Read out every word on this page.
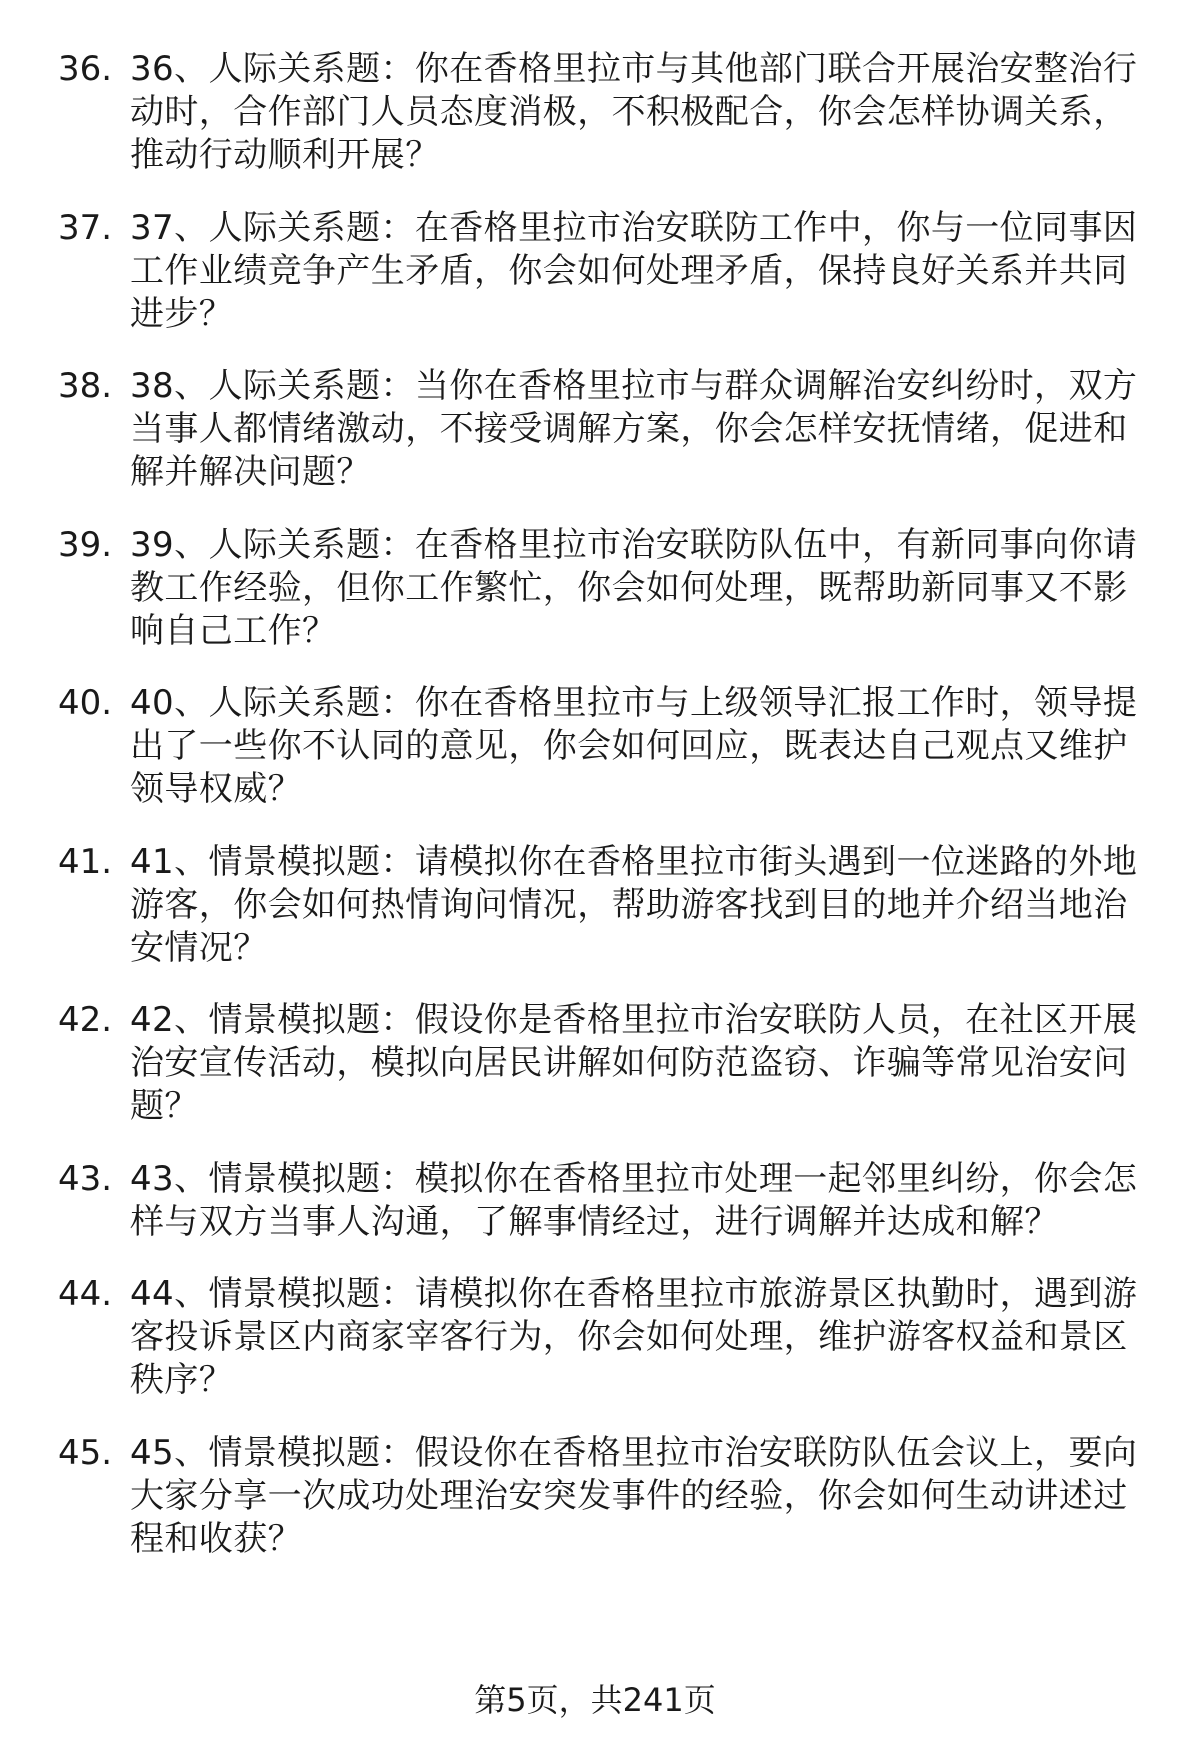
36. 36、人际关系题：你在香格里拉市与其他部门联合开展治安整治行动时，合作部门人员态度消极，不积极配合，你会怎样协调关系，推动行动顺利开展？
37. 37、人际关系题：在香格里拉市治安联防工作中，你与一位同事因工作业绩竞争产生矛盾，你会如何处理矛盾，保持良好关系并共同进步？
38. 38、人际关系题：当你在香格里拉市与群众调解治安纠纷时，双方当事人都情绪激动，不接受调解方案，你会怎样安抚情绪，促进和解并解决问题？
39. 39、人际关系题：在香格里拉市治安联防队伍中，有新同事向你请教工作经验，但你工作繁忙，你会如何处理，既帮助新同事又不影响自己工作？
40. 40、人际关系题：你在香格里拉市与上级领导汇报工作时，领导提出了一些你不认同的意见，你会如何回应，既表达自己观点又维护领导权威？
41. 41、情景模拟题：请模拟你在香格里拉市街头遇到一位迷路的外地游客，你会如何热情询问情况，帮助游客找到目的地并介绍当地治安情况？
42. 42、情景模拟题：假设你是香格里拉市治安联防人员，在社区开展治安宣传活动，模拟向居民讲解如何防范盗窃、诈骗等常见治安问题？
43. 43、情景模拟题：模拟你在香格里拉市处理一起邻里纠纷，你会怎样与双方当事人沟通，了解事情经过，进行调解并达成和解？
44. 44、情景模拟题：请模拟你在香格里拉市旅游景区执勤时，遇到游客投诉景区内商家宰客行为，你会如何处理，维护游客权益和景区秩序？
45. 45、情景模拟题：假设你在香格里拉市治安联防队伍会议上，要向大家分享一次成功处理治安突发事件的经验，你会如何生动讲述过程和收获？
第5页，共241页
